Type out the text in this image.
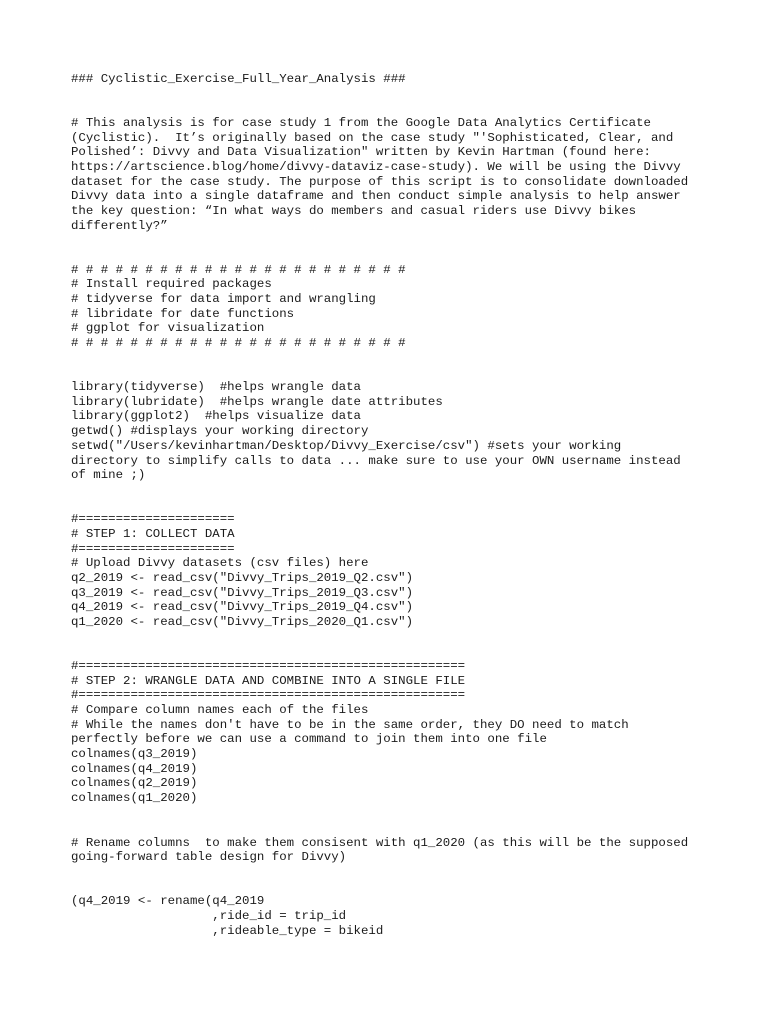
### Cyclistic_Exercise_Full_Year_Analysis ###

# This analysis is for case study 1 from the Google Data Analytics Certificate

(Cyclistic).  It’s originally based on the case study "'Sophisticated, Clear, and

Polished’: Divvy and Data Visualization" written by Kevin Hartman (found here:

https://artscience.blog/home/divvy-dataviz-case-study). We will be using the Divvy

dataset for the case study. The purpose of this script is to consolidate downloaded

Divvy data into a single dataframe and then conduct simple analysis to help answer

the key question: “In what ways do members and casual riders use Divvy bikes

differently?”

# # # # # # # # # # # # # # # # # # # # # # #

# Install required packages

# tidyverse for data import and wrangling

# libridate for date functions

# ggplot for visualization

# # # # # # # # # # # # # # # # # # # # # # #

library(tidyverse)  #helps wrangle data

library(lubridate)  #helps wrangle date attributes

library(ggplot2)  #helps visualize data

getwd() #displays your working directory

setwd("/Users/kevinhartman/Desktop/Divvy_Exercise/csv") #sets your working

directory to simplify calls to data ... make sure to use your OWN username instead

of mine ;)

#=====================

# STEP 1: COLLECT DATA

#=====================

# Upload Divvy datasets (csv files) here

q2_2019 <- read_csv("Divvy_Trips_2019_Q2.csv")

q3_2019 <- read_csv("Divvy_Trips_2019_Q3.csv")

q4_2019 <- read_csv("Divvy_Trips_2019_Q4.csv")

q1_2020 <- read_csv("Divvy_Trips_2020_Q1.csv")

#====================================================

# STEP 2: WRANGLE DATA AND COMBINE INTO A SINGLE FILE

#====================================================

# Compare column names each of the files

# While the names don't have to be in the same order, they DO need to match

perfectly before we can use a command to join them into one file

colnames(q3_2019)

colnames(q4_2019)

colnames(q2_2019)

colnames(q1_2020)

# Rename columns  to make them consisent with q1_2020 (as this will be the supposed

going-forward table design for Divvy)

(q4_2019 <- rename(q4_2019

,ride_id = trip_id

,rideable_type = bikeid
